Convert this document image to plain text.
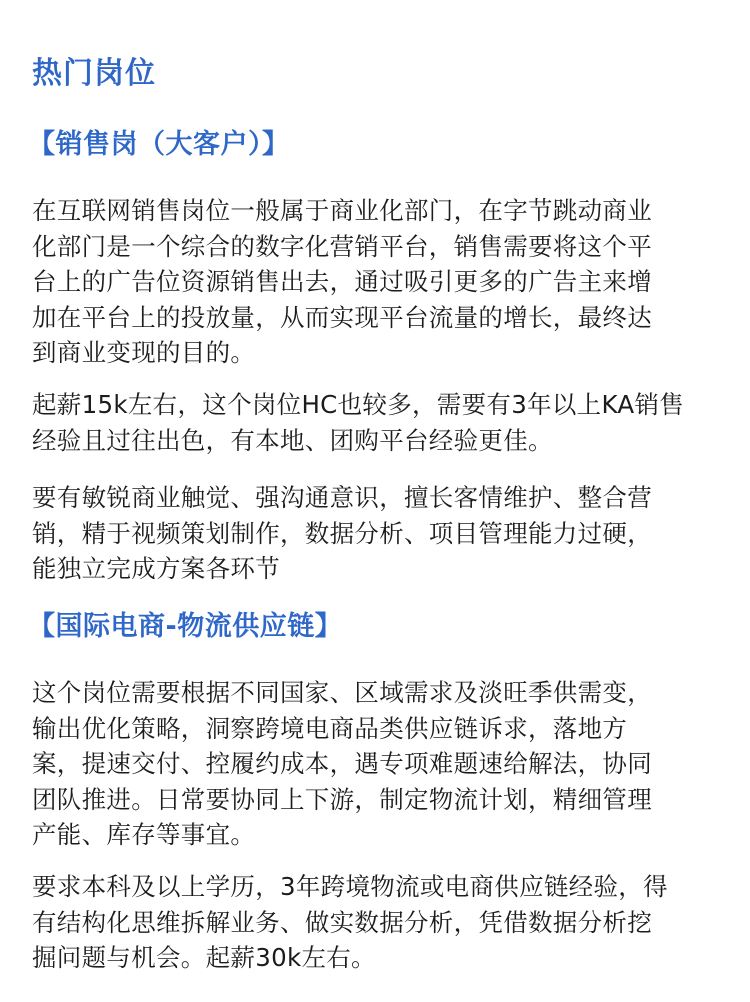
热门岗位
【销售岗（大客户）】
在互联网销售岗位一般属于商业化部门，在字节跳动商业
化部门是一个综合的数字化营销平台，销售需要将这个平
台上的广告位资源销售出去，通过吸引更多的广告主来增
加在平台上的投放量，从而实现平台流量的增长，最终达
到商业变现的目的。
起薪15k左右，这个岗位HC也较多，需要有3年以上KA销售
经验且过往出色，有本地、团购平台经验更佳。
要有敏锐商业触觉、强沟通意识，擅长客情维护、整合营
销，精于视频策划制作，数据分析、项目管理能力过硬，
能独立完成方案各环节
【国际电商-物流供应链】
这个岗位需要根据不同国家、区域需求及淡旺季供需变，
输出优化策略，洞察跨境电商品类供应链诉求，落地方
案，提速交付、控履约成本，遇专项难题速给解法，协同
团队推进。日常要协同上下游，制定物流计划，精细管理
产能、库存等事宜。
要求本科及以上学历，3年跨境物流或电商供应链经验，得
有结构化思维拆解业务、做实数据分析，凭借数据分析挖
掘问题与机会。起薪30k左右。
